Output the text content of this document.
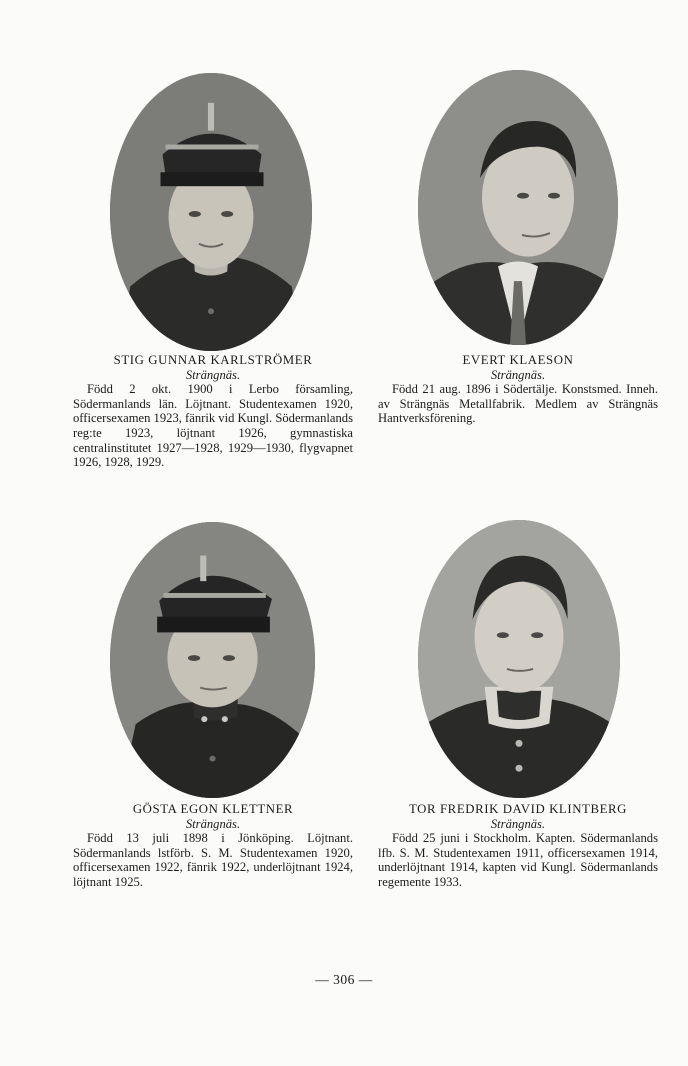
STIG GUNNAR KARLSTRÖMER
Strängnäs.
Född 2 okt. 1900 i Lerbo församling, Södermanlands län. Löjtnant. Studentexamen 1920, officersexamen 1923, fänrik vid Kungl. Södermanlands reg:te 1923, löjtnant 1926, gymnastiska centralinstitutet 1927—1928, 1929—1930, flygvapnet 1926, 1928, 1929.
EVERT KLAESON
Strängnäs.
Född 21 aug. 1896 i Södertälje. Konstsmed. Inneh. av Strängnäs Metallfabrik. Medlem av Strängnäs Hantverksförening.
GÖSTA EGON KLETTNER
Strängnäs.
Född 13 juli 1898 i Jönköping. Löjtnant. Södermanlands lstförb. S. M. Studentexamen 1920, officersexamen 1922, fänrik 1922, underlöjtnant 1924, löjtnant 1925.
TOR FREDRIK DAVID KLINTBERG
Strängnäs.
Född 25 juni i Stockholm. Kapten. Södermanlands lfb. S. M. Studentexamen 1911, officersexamen 1914, underlöjtnant 1914, kapten vid Kungl. Södermanlands regemente 1933.
— 306 —
